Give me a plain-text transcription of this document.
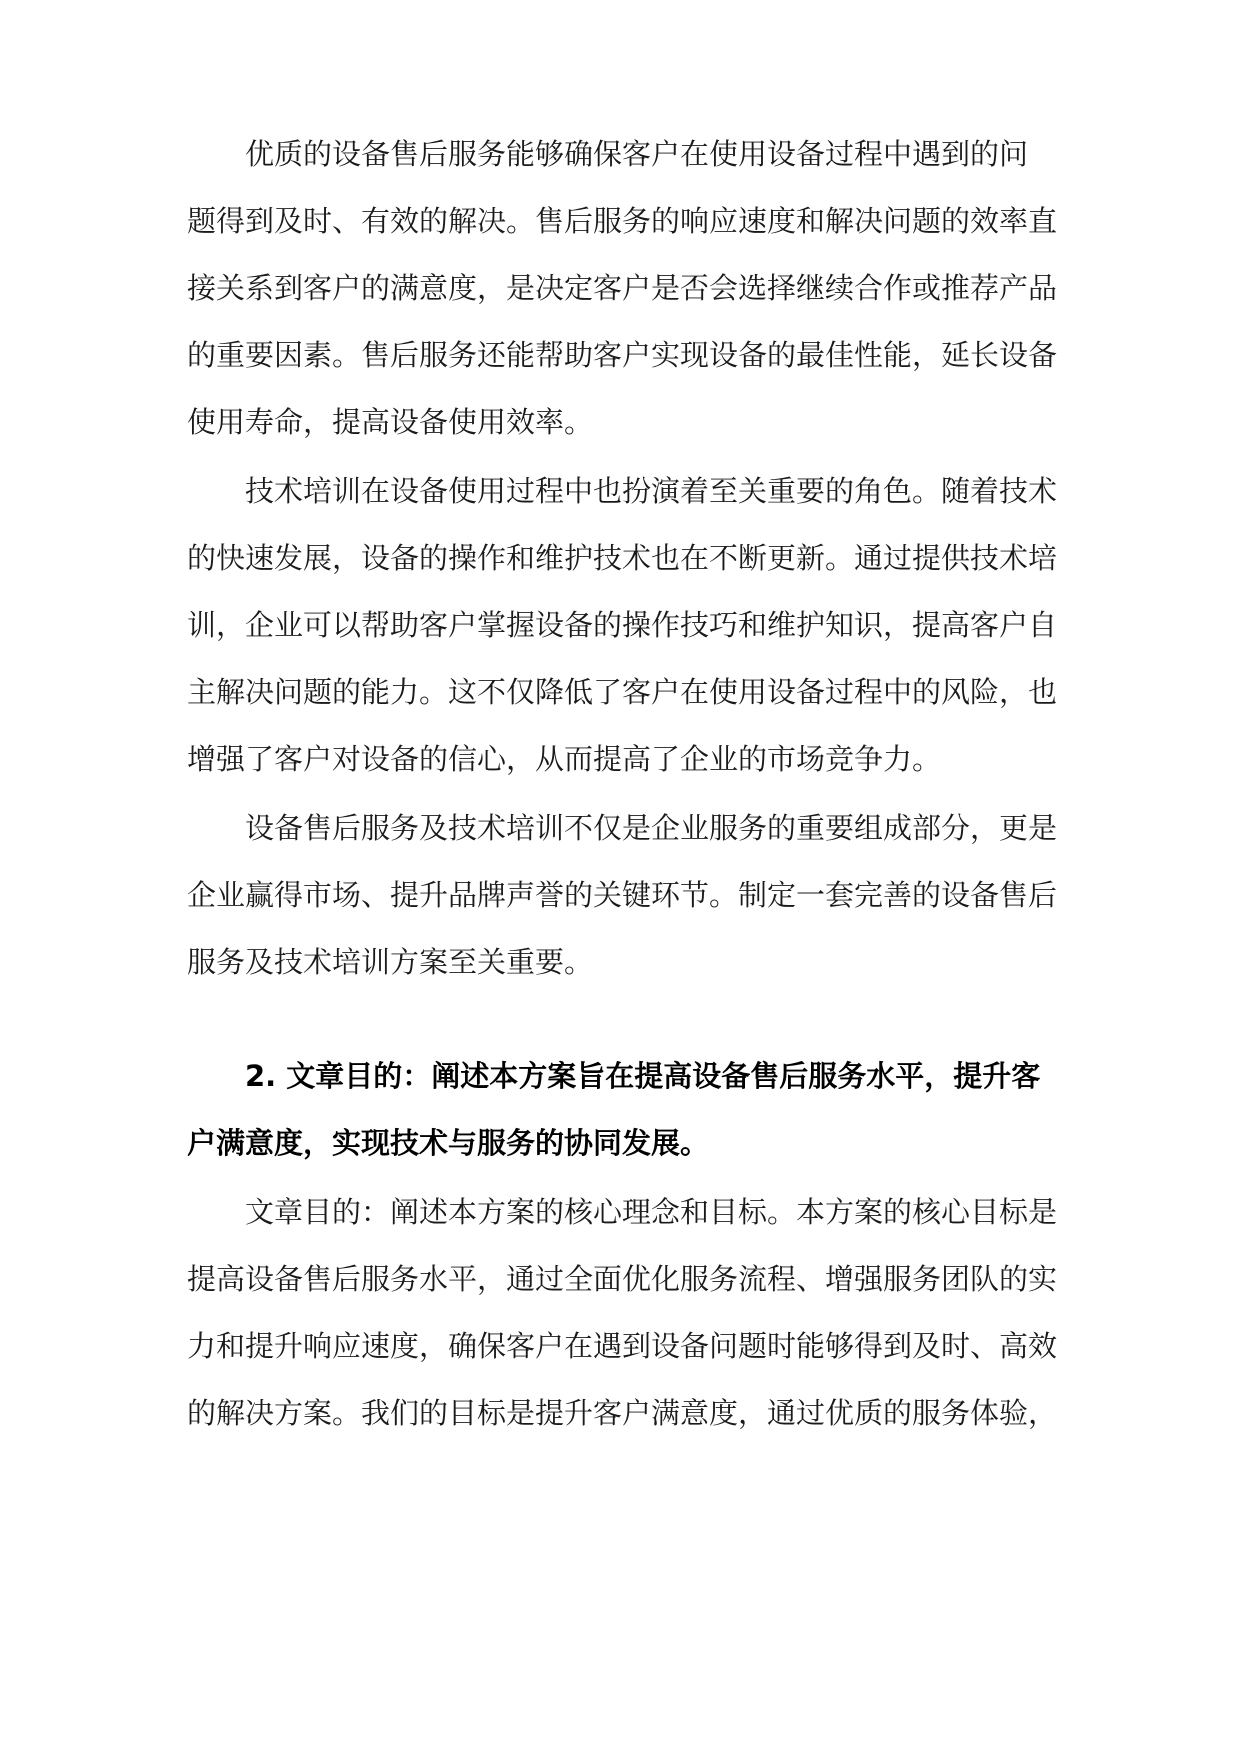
　　优质的设备售后服务能够确保客户在使用设备过程中遇到的问
题得到及时、有效的解决。售后服务的响应速度和解决问题的效率直
接关系到客户的满意度，是决定客户是否会选择继续合作或推荐产品
的重要因素。售后服务还能帮助客户实现设备的最佳性能，延长设备
使用寿命，提高设备使用效率。
　　技术培训在设备使用过程中也扮演着至关重要的角色。随着技术
的快速发展，设备的操作和维护技术也在不断更新。通过提供技术培
训，企业可以帮助客户掌握设备的操作技巧和维护知识，提高客户自
主解决问题的能力。这不仅降低了客户在使用设备过程中的风险，也
增强了客户对设备的信心，从而提高了企业的市场竞争力。
　　设备售后服务及技术培训不仅是企业服务的重要组成部分，更是
企业赢得市场、提升品牌声誉的关键环节。制定一套完善的设备售后
服务及技术培训方案至关重要。
　　2. 文章目的：阐述本方案旨在提高设备售后服务水平，提升客
户满意度，实现技术与服务的协同发展。
　　文章目的：阐述本方案的核心理念和目标。本方案的核心目标是
提高设备售后服务水平，通过全面优化服务流程、增强服务团队的实
力和提升响应速度，确保客户在遇到设备问题时能够得到及时、高效
的解决方案。我们的目标是提升客户满意度，通过优质的服务体验，
